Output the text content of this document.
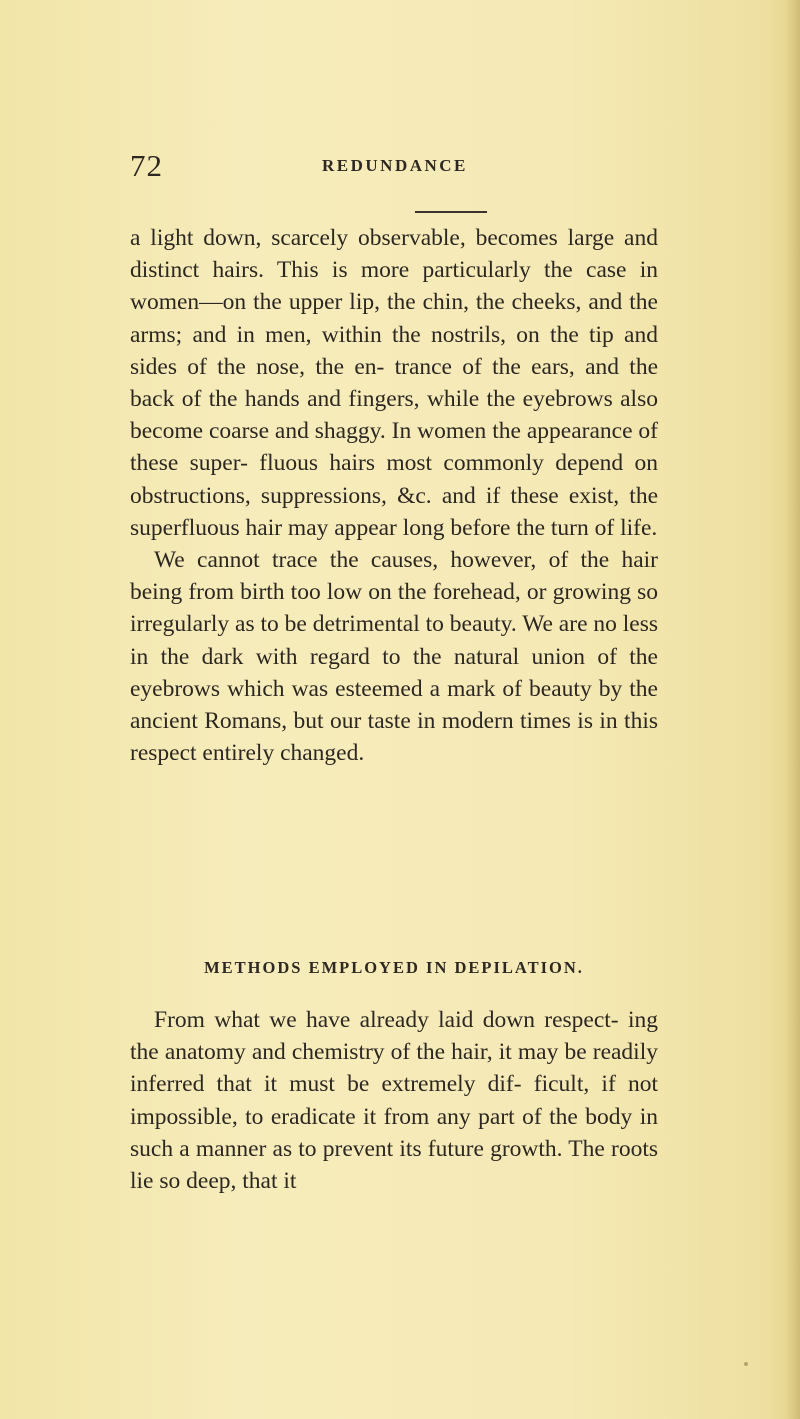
72	REDUNDANCE

a light down, scarcely observable, becomes large and distinct hairs. This is more particularly the case in women—on the upper lip, the chin, the cheeks, and the arms; and in men, within the nostrils, on the tip and sides of the nose, the en- trance of the ears, and the back of the hands and fingers, while the eyebrows also become coarse and shaggy. In women the appearance of these super- fluous hairs most commonly depend on obstructions, suppressions, &c. and if these exist, the superfluous hair may appear long before the turn of life.

We cannot trace the causes, however, of the hair being from birth too low on the forehead, or growing so irregularly as to be detrimental to beauty. We are no less in the dark with regard to the natural union of the eyebrows which was esteemed a mark of beauty by the ancient Romans, but our taste in modern times is in this respect entirely changed.

METHODS EMPLOYED IN DEPILATION.

From what we have already laid down respect- ing the anatomy and chemistry of the hair, it may be readily inferred that it must be extremely dif- ficult, if not impossible, to eradicate it from any part of the body in such a manner as to prevent its future growth. The roots lie so deep, that it
